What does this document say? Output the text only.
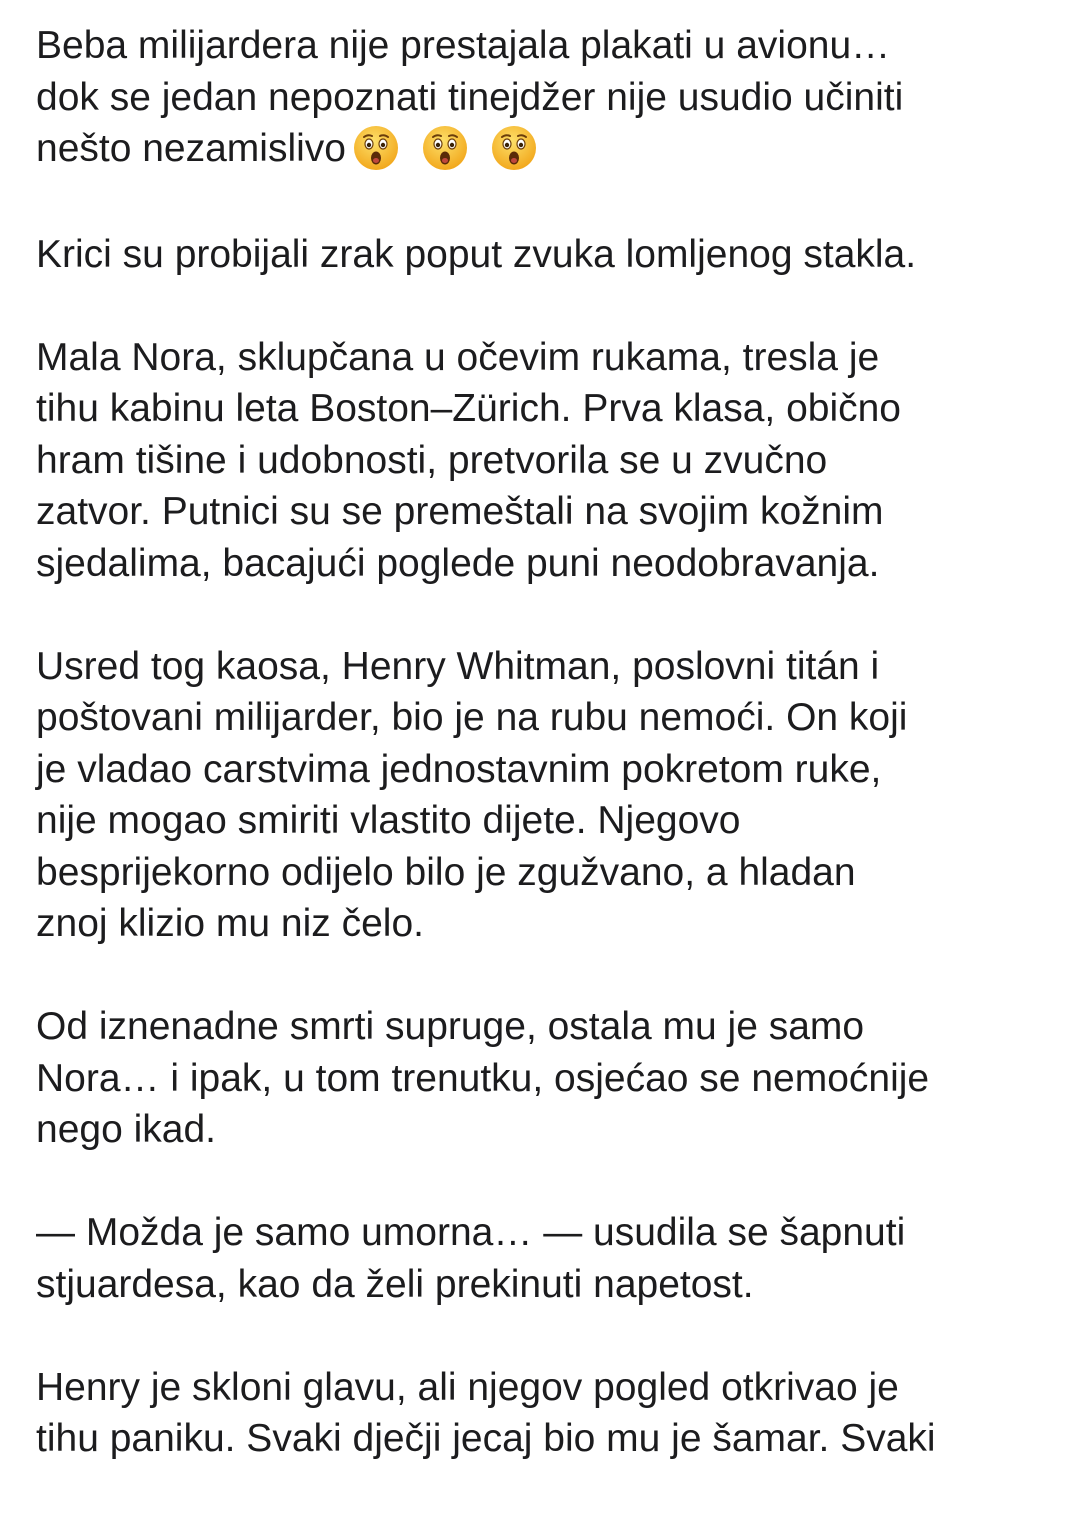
Beba milijardera nije prestajala plakati u avionu…
dok se jedan nepoznati tinejdžer nije usudio učiniti
nešto nezamislivo
Krici su probijali zrak poput zvuka lomljenog stakla.
Mala Nora, sklupčana u očevim rukama, tresla je
tihu kabinu leta Boston–Zürich. Prva klasa, obično
hram tišine i udobnosti, pretvorila se u zvučno
zatvor. Putnici su se premeštali na svojim kožnim
sjedalima, bacajući poglede puni neodobravanja.
Usred tog kaosa, Henry Whitman, poslovni titán i
poštovani milijarder, bio je na rubu nemoći. On koji
je vladao carstvima jednostavnim pokretom ruke,
nije mogao smiriti vlastito dijete. Njegovo
besprijekorno odijelo bilo je zgužvano, a hladan
znoj klizio mu niz čelo.
Od iznenadne smrti supruge, ostala mu je samo
Nora… i ipak, u tom trenutku, osjećao se nemoćnije
nego ikad.
— Možda je samo umorna… — usudila se šapnuti
stjuardesa, kao da želi prekinuti napetost.
Henry je skloni glavu, ali njegov pogled otkrivao je
tihu paniku. Svaki dječji jecaj bio mu je šamar. Svaki
